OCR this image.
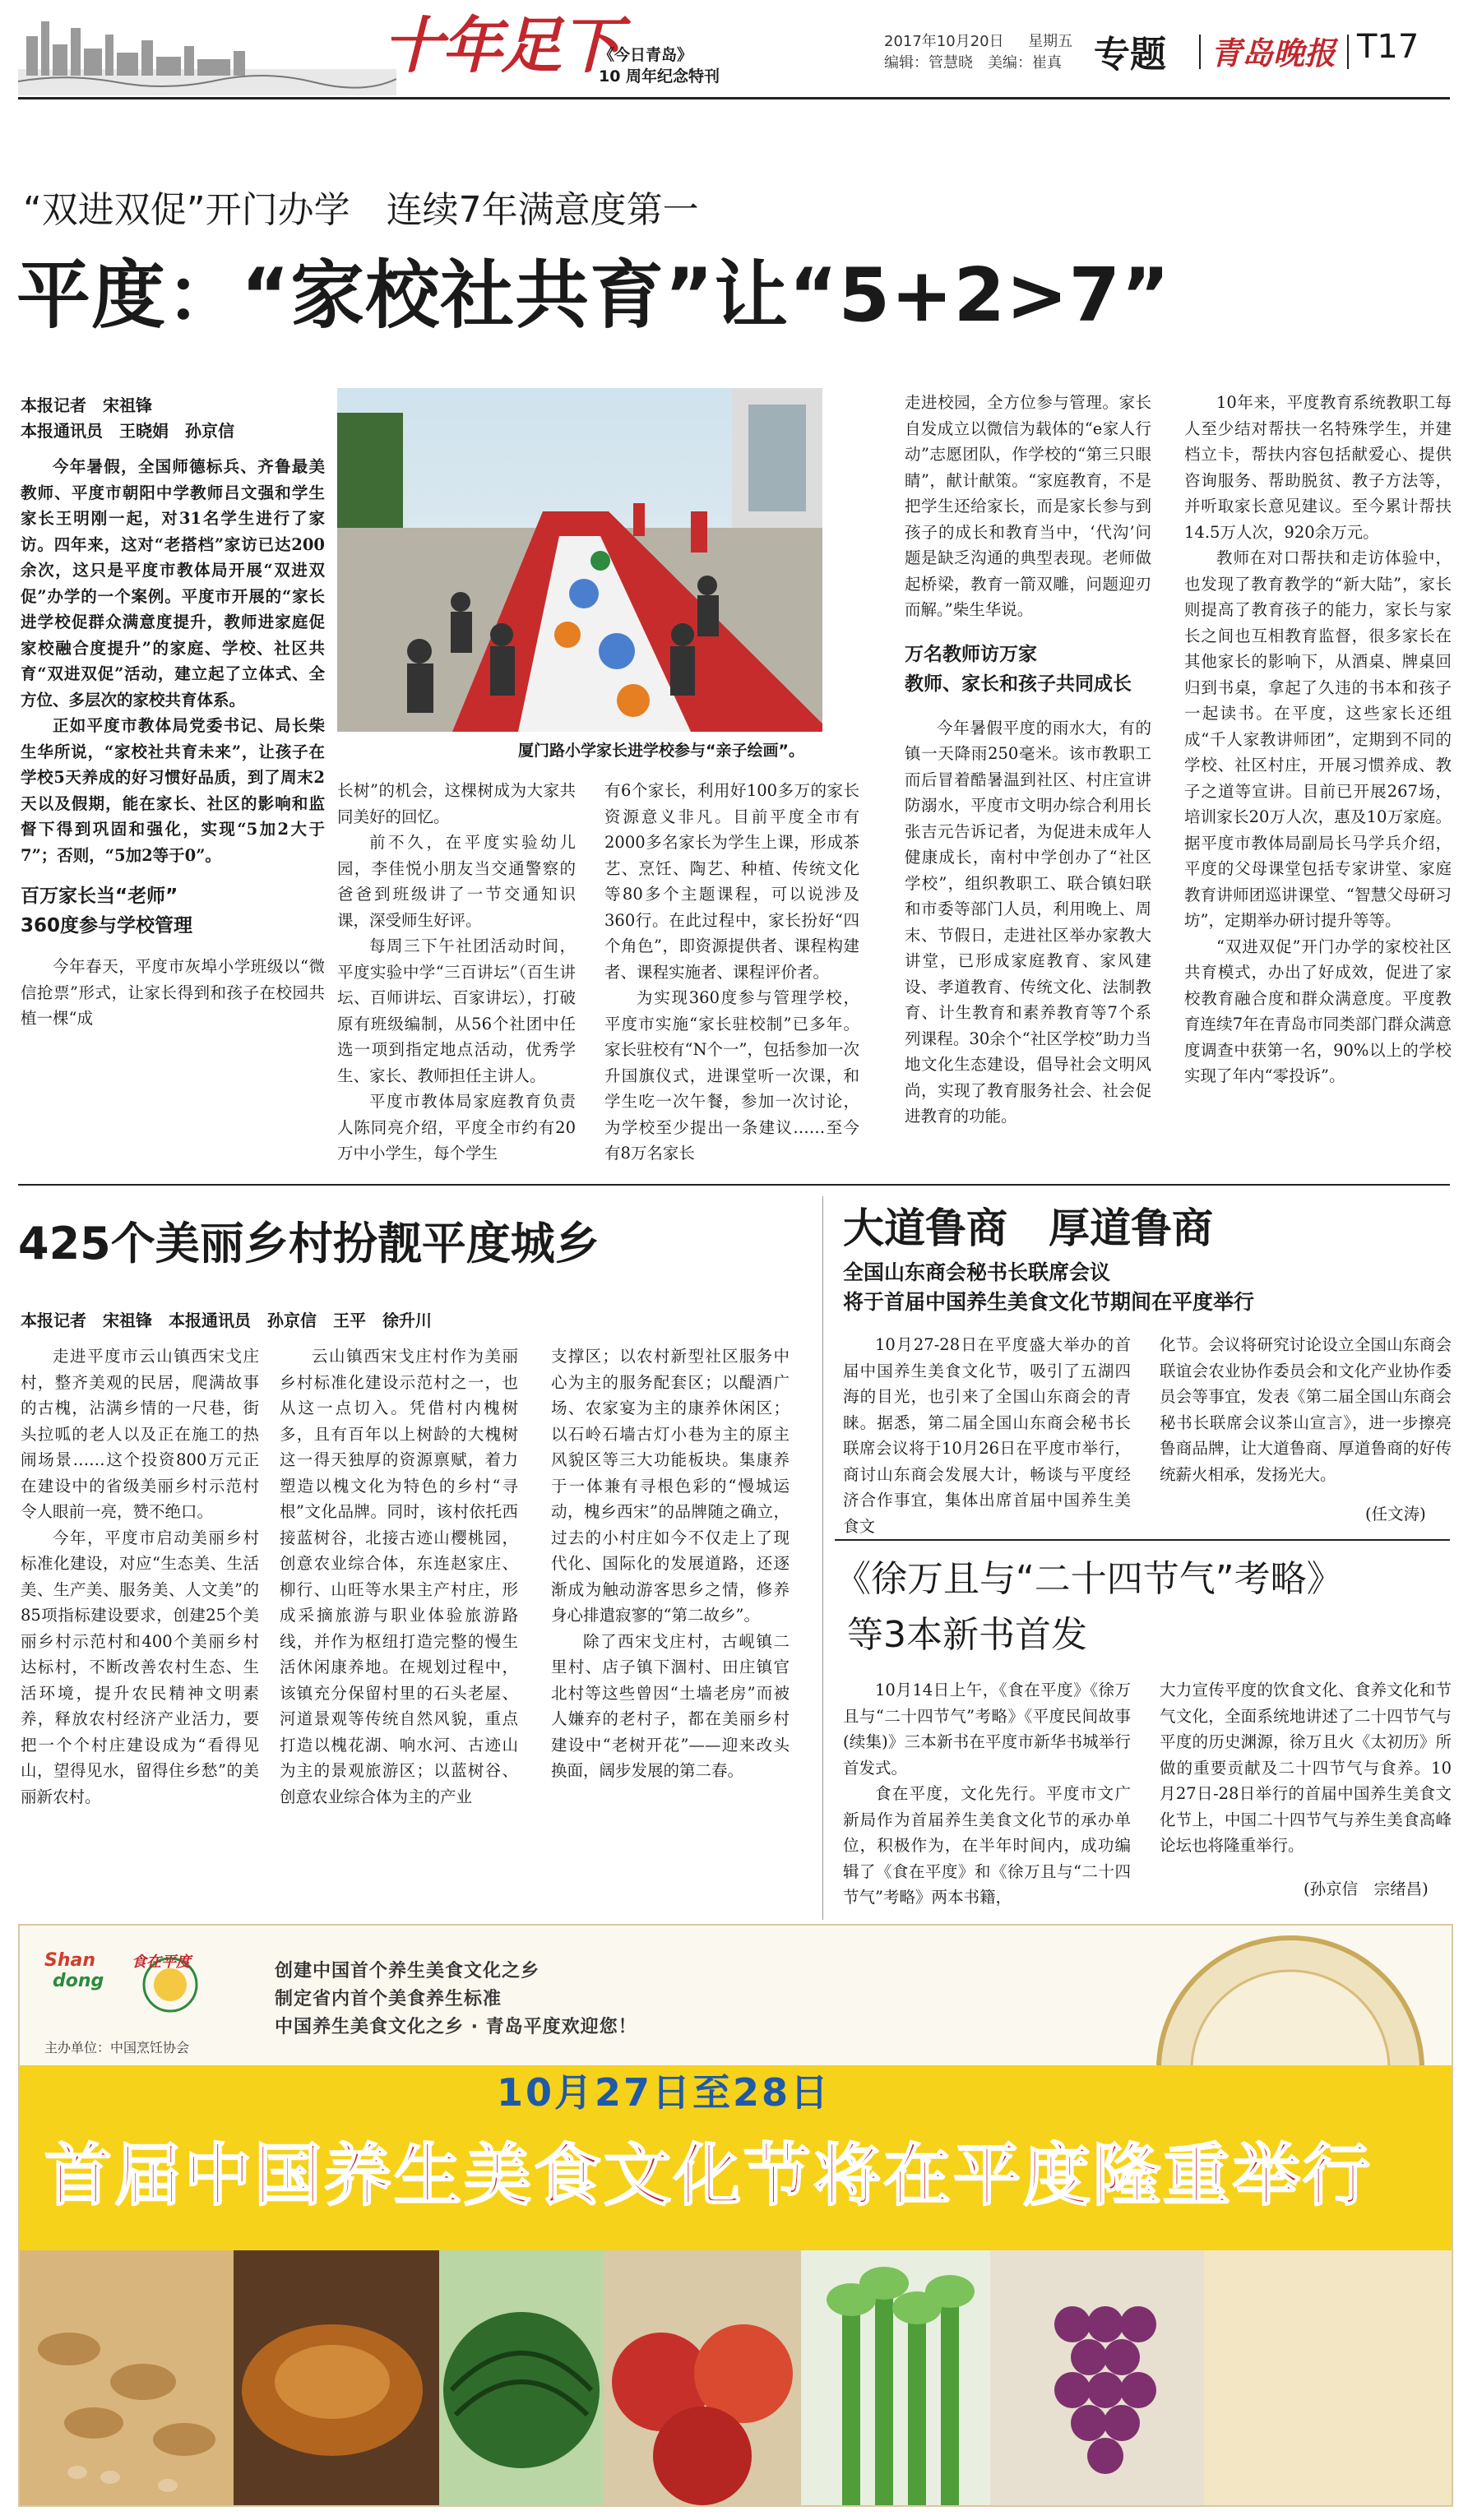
十年足下
《今日青岛》
10 周年纪念特刊
2017年10月20日 星期五
编辑：管慧晓　美编：崔真 专题 青岛晚报 T17
“双进双促”开门办学　连续7年满意度第一
平度：“家校社共育”让“5+2>7”
厦门路小学家长进学校参与“亲子绘画”。

本报记者　宋祖锋

本报通讯员　王晓娟　孙京信

今年暑假，全国师德标兵、齐鲁最美教师、平度市朝阳中学教师吕文强和学生家长王明刚一起，对31名学生进行了家访。四年来，这对“老搭档”家访已达200余次，这只是平度市教体局开展“双进双促”办学的一个案例。平度市开展的“家长进学校促群众满意度提升，教师进家庭促家校融合度提升”的家庭、学校、社区共育“双进双促”活动，建立起了立体式、全方位、多层次的家校共育体系。

正如平度市教体局党委书记、局长柴生华所说，“家校社共育未来”，让孩子在学校5天养成的好习惯好品质，到了周末2天以及假期，能在家长、社区的影响和监督下得到巩固和强化，实现“5加2大于7”；否则，“5加2等于0”。

百万家长当“老师”

360度参与学校管理

今年春天，平度市灰埠小学班级以“微信抢票”形式，让家长得到和孩子在校园共植一棵“成

长树”的机会，这棵树成为大家共同美好的回忆。

前不久，在平度实验幼儿园，李佳悦小朋友当交通警察的爸爸到班级讲了一节交通知识课，深受师生好评。

每周三下午社团活动时间，平度实验中学“三百讲坛”（百生讲坛、百师讲坛、百家讲坛），打破原有班级编制，从56个社团中任选一项到指定地点活动，优秀学生、家长、教师担任主讲人。

平度市教体局家庭教育负责人陈同亮介绍，平度全市约有20万中小学生，每个学生

有6个家长，利用好100多万的家长资源意义非凡。目前平度全市有2000多名家长为学生上课，形成茶艺、烹饪、陶艺、种植、传统文化等80多个主题课程，可以说涉及360行。在此过程中，家长扮好“四个角色”，即资源提供者、课程构建者、课程实施者、课程评价者。

为实现360度参与管理学校，平度市实施“家长驻校制”已多年。家长驻校有“N个一”，包括参加一次升国旗仪式，进课堂听一次课，和学生吃一次午餐，参加一次讨论，为学校至少提出一条建议……至今有8万名家长

走进校园，全方位参与管理。家长自发成立以微信为载体的“e家人行动”志愿团队，作学校的“第三只眼睛”，献计献策。“家庭教育，不是把学生还给家长，而是家长参与到孩子的成长和教育当中，‘代沟’问题是缺乏沟通的典型表现。老师做起桥梁，教育一箭双雕，问题迎刃而解。”柴生华说。

万名教师访万家

教师、家长和孩子共同成长

今年暑假平度的雨水大，有的镇一天降雨250毫米。该市教职工而后冒着酷暑温到社区、村庄宣讲防溺水，平度市文明办综合利用长张吉元告诉记者，为促进未成年人健康成长，南村中学创办了“社区学校”，组织教职工、联合镇妇联和市委等部门人员，利用晚上、周末、节假日，走进社区举办家教大讲堂，已形成家庭教育、家风建设、孝道教育、传统文化、法制教育、计生教育和素养教育等7个系列课程。30余个“社区学校”助力当地文化生态建设，倡导社会文明风尚，实现了教育服务社会、社会促进教育的功能。

10年来，平度教育系统教职工每人至少结对帮扶一名特殊学生，并建档立卡，帮扶内容包括献爱心、提供咨询服务、帮助脱贫、教子方法等，并听取家长意见建议。至今累计帮扶14.5万人次，920余万元。

教师在对口帮扶和走访体验中，也发现了教育教学的“新大陆”，家长则提高了教育孩子的能力，家长与家长之间也互相教育监督，很多家长在其他家长的影响下，从酒桌、牌桌回归到书桌，拿起了久违的书本和孩子一起读书。在平度，这些家长还组成“千人家教讲师团”，定期到不同的学校、社区村庄，开展习惯养成、教子之道等宣讲。目前已开展267场，培训家长20万人次，惠及10万家庭。据平度市教体局副局长马学兵介绍，平度的父母课堂包括专家讲堂、家庭教育讲师团巡讲课堂、“智慧父母研习坊”，定期举办研讨提升等等。

“双进双促”开门办学的家校社区共育模式，办出了好成效，促进了家校教育融合度和群众满意度。平度教育连续7年在青岛市同类部门群众满意度调查中获第一名，90%以上的学校实现了年内“零投诉”。

425个美丽乡村扮靓平度城乡
本报记者　宋祖锋　本报通讯员　孙京信　王平　徐升川

走进平度市云山镇西宋戈庄村，整齐美观的民居，爬满故事的古槐，沾满乡情的一尺巷，街头拉呱的老人以及正在施工的热闹场景……这个投资800万元正在建设中的省级美丽乡村示范村令人眼前一亮，赞不绝口。

今年，平度市启动美丽乡村标准化建设，对应“生态美、生活美、生产美、服务美、人文美”的85项指标建设要求，创建25个美丽乡村示范村和400个美丽乡村达标村，不断改善农村生态、生活环境，提升农民精神文明素养，释放农村经济产业活力，要把一个个村庄建设成为“看得见山，望得见水，留得住乡愁”的美丽新农村。

云山镇西宋戈庄村作为美丽乡村标准化建设示范村之一，也从这一点切入。凭借村内槐树多，且有百年以上树龄的大槐树这一得天独厚的资源禀赋，着力塑造以槐文化为特色的乡村“寻根”文化品牌。同时，该村依托西接蓝树谷，北接古迹山樱桃园，创意农业综合体，东连赵家庄、柳行、山旺等水果主产村庄，形成采摘旅游与职业体验旅游路线，并作为枢纽打造完整的慢生活休闲康养地。在规划过程中，该镇充分保留村里的石头老屋、河道景观等传统自然风貌，重点打造以槐花湖、响水河、古迹山为主的景观旅游区；以蓝树谷、创意农业综合体为主的产业

支撑区；以农村新型社区服务中心为主的服务配套区；以醍酒广场、农家宴为主的康养休闲区；以石岭石墙古灯小巷为主的原主风貌区等三大功能板块。集康养于一体兼有寻根色彩的“慢城运动，槐乡西宋”的品牌随之确立，过去的小村庄如今不仅走上了现代化、国际化的发展道路，还逐渐成为触动游客思乡之情，修养身心排遣寂寥的“第二故乡”。

除了西宋戈庄村，古岘镇二里村、店子镇下涸村、田庄镇官北村等这些曾因“土墙老房”而被人嫌弃的老村子，都在美丽乡村建设中“老树开花”——迎来改头换面，阔步发展的第二春。

大道鲁商　厚道鲁商
全国山东商会秘书长联席会议
将于首届中国养生美食文化节期间在平度举行

10月27-28日在平度盛大举办的首届中国养生美食文化节，吸引了五湖四海的目光，也引来了全国山东商会的青睐。据悉，第二届全国山东商会秘书长联席会议将于10月26日在平度市举行，商讨山东商会发展大计，畅谈与平度经济合作事宜，集体出席首届中国养生美食文

化节。会议将研究讨论设立全国山东商会联谊会农业协作委员会和文化产业协作委员会等事宜，发表《第二届全国山东商会秘书长联席会议茶山宣言》，进一步擦亮鲁商品牌，让大道鲁商、厚道鲁商的好传统薪火相承，发扬光大。

(任文涛)
《徐万且与“二十四节气”考略》
等3本新书首发

10月14日上午，《食在平度》《徐万且与“二十四节气”考略》《平度民间故事(续集)》三本新书在平度市新华书城举行首发式。

食在平度，文化先行。平度市文广新局作为首届养生美食文化节的承办单位，积极作为，在半年时间内，成功编辑了《食在平度》和《徐万且与“二十四节气”考略》两本书籍，

大力宣传平度的饮食文化、食养文化和节气文化，全面系统地讲述了二十四节气与平度的历史渊源，徐万且火《太初历》所做的重要贡献及二十四节气与食养。10月27日-28日举行的首届中国养生美食文化节上，中国二十四节气与养生美食高峰论坛也将隆重举行。

(孙京信　宗绪昌)
Shan
dong
食在平度
主办单位：中国烹饪协会
创建中国首个养生美食文化之乡
制定省内首个美食养生标准
中国养生美食文化之乡 · 青岛平度欢迎您！
10月27日至28日
首届中国养生美食文化节将在平度隆重举行
